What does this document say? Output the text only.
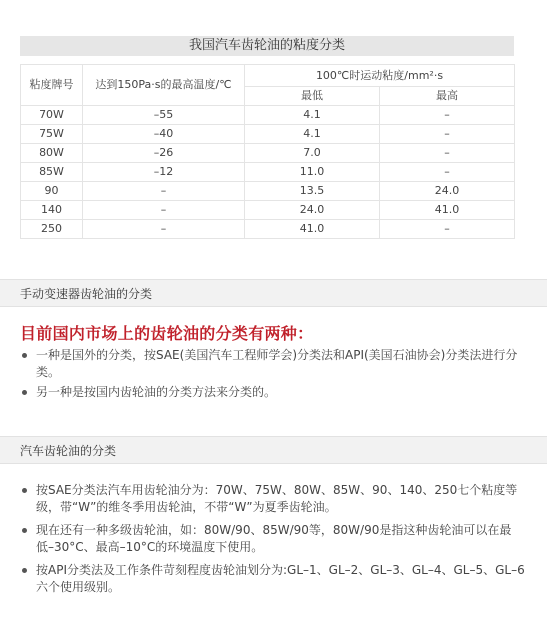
我国汽车齿轮油的粘度分类
粘度牌号	达到150Pa·s的最高温度/℃	100℃时运动粘度/mm²·s	
		最低	最高
70W	–55	4.1	–
75W	–40	4.1	–
80W	–26	7.0	–
85W	–12	11.0	–
90	–	13.5	24.0
140	–	24.0	41.0
250	–	41.0	–
手动变速器齿轮油的分类
目前国内市场上的齿轮油的分类有两种：
一种是国外的分类，按SAE(美国汽车工程师学会)分类法和API(美国石油协会)分类法进行分类。
另一种是按国内齿轮油的分类方法来分类的。
汽车齿轮油的分类
按SAE分类法汽车用齿轮油分为：70W、75W、80W、85W、90、140、250七个粘度等级，带“W”的维冬季用齿轮油，不带“W”为夏季齿轮油。
现在还有一种多级齿轮油，如：80W/90、85W/90等，80W/90是指这种齿轮油可以在最低–30°C、最高–10°C的环境温度下使用。
按API分类法及工作条件苛刻程度齿轮油划分为:GL–1、GL–2、GL–3、GL–4、GL–5、GL–6六个使用级别。
